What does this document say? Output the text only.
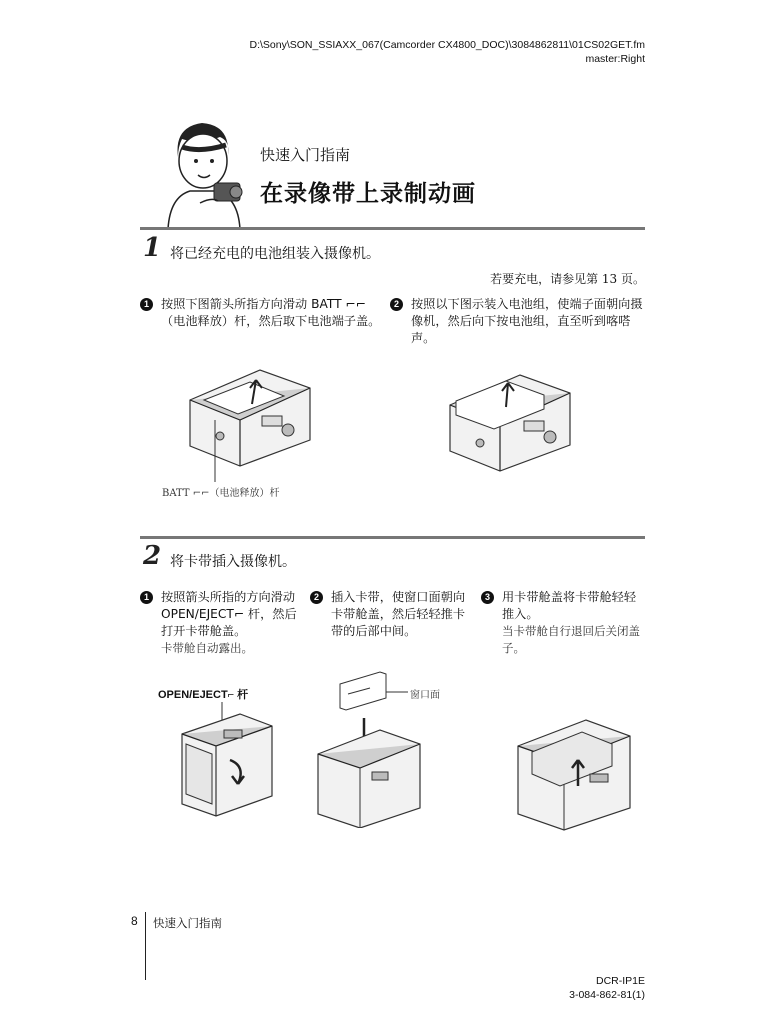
D:\Sony\SON_SSIAXX_067(Camcorder CX4800_DOC)\3084862811\01CS02GET.fm
master:Right
快速入门指南
在录像带上录制动画
1 将已经充电的电池组装入摄像机。
若要充电，请参见第 13 页。
1 按照下图箭头所指方向滑动 BATT ⌐⌐ （电池释放）杆，然后取下电池端子盖。
2 按照以下图示装入电池组，使端子面朝向摄像机，然后向下按电池组，直至听到喀嗒声。
BATT ⌐⌐（电池释放）杆
2 将卡带插入摄像机。
1 按照箭头所指的方向滑动 OPEN/EJECT⌐ 杆，然后打开卡带舱盖。
卡带舱自动露出。
2 插入卡带，使窗口面朝向卡带舱盖，然后轻轻推卡带的后部中间。
3 用卡带舱盖将卡带舱轻轻推入。
当卡带舱自行退回后关闭盖子。
OPEN/EJECT⌐ 杆	窗口面
8 快速入门指南
DCR-IP1E
3-084-862-81(1)
